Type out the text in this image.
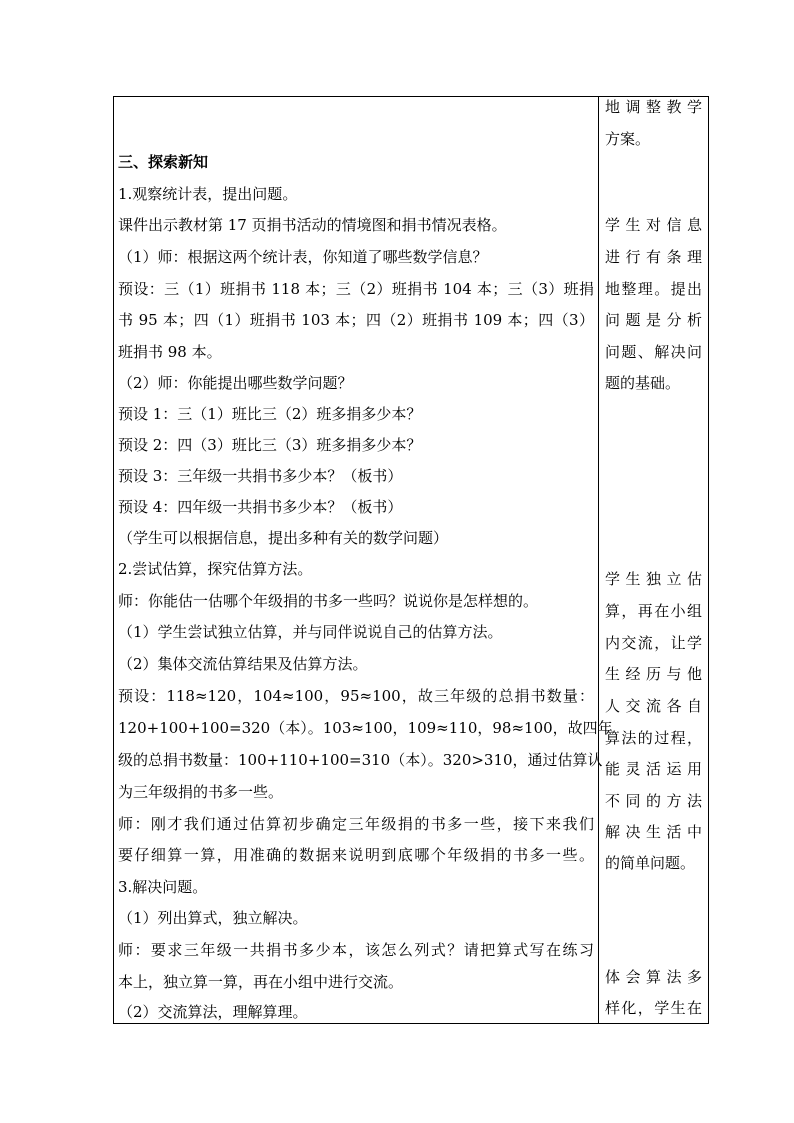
三、探索新知
1.观察统计表，提出问题。
课件出示教材第 17 页捐书活动的情境图和捐书情况表格。
（1）师：根据这两个统计表，你知道了哪些数学信息？
预设：三（1）班捐书 118 本；三（2）班捐书 104 本；三（3）班捐
书 95 本；四（1）班捐书 103 本；四（2）班捐书 109 本；四（3）
班捐书 98 本。
（2）师：你能提出哪些数学问题？
预设 1：三（1）班比三（2）班多捐多少本？
预设 2：四（3）班比三（3）班多捐多少本？
预设 3：三年级一共捐书多少本？（板书）
预设 4：四年级一共捐书多少本？（板书）
（学生可以根据信息，提出多种有关的数学问题）
2.尝试估算，探究估算方法。
师：你能估一估哪个年级捐的书多一些吗？说说你是怎样想的。
（1）学生尝试独立估算，并与同伴说说自己的估算方法。
（2）集体交流估算结果及估算方法。
预设：118≈120，104≈100，95≈100，故三年级的总捐书数量：
120+100+100=320（本）。103≈100，109≈110，98≈100，故四年
级的总捐书数量：100+110+100=310（本）。320>310，通过估算认
为三年级捐的书多一些。
师：刚才我们通过估算初步确定三年级捐的书多一些，接下来我们
要仔细算一算，用准确的数据来说明到底哪个年级捐的书多一些。
3.解决问题。
（1）列出算式，独立解决。
师：要求三年级一共捐书多少本，该怎么列式？请把算式写在练习
本上，独立算一算，再在小组中进行交流。
（2）交流算法，理解算理。
地调整教学
方案。
学生对信息
进行有条理
地整理。提出
问题是分析
问题、解决问
题的基础。
学生独立估
算，再在小组
内交流，让学
生经历与他
人交流各自
算法的过程，
能灵活运用
不同的方法
解决生活中
的简单问题。
体会算法多
样化，学生在
